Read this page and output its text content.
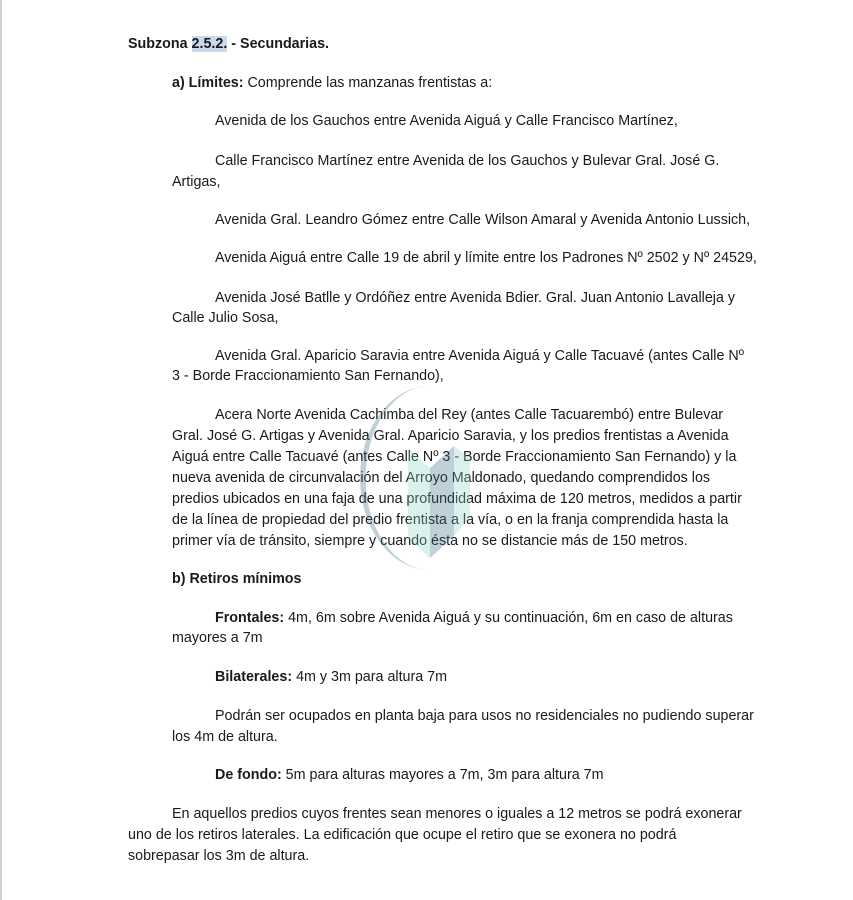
Subzona 2.5.2. - Secundarias.

a) Límites: Comprende las manzanas frentistas a:

Avenida de los Gauchos entre Avenida Aiguá y Calle Francisco Martínez,

Calle Francisco Martínez entre Avenida de los Gauchos y Bulevar Gral. José G.

Artigas,

Avenida Gral. Leandro Gómez entre Calle Wilson Amaral y Avenida Antonio Lussich,

Avenida Aiguá entre Calle 19 de abril y límite entre los Padrones Nº 2502 y Nº 24529,

Avenida José Batlle y Ordóñez entre Avenida Bdier. Gral. Juan Antonio Lavalleja y

Calle Julio Sosa,

Avenida Gral. Aparicio Saravia entre Avenida Aiguá y Calle Tacuavé (antes Calle Nº

3 - Borde Fraccionamiento San Fernando),

Acera Norte Avenida Cachimba del Rey (antes Calle Tacuarembó) entre Bulevar

Gral. José G. Artigas y Avenida Gral. Aparicio Saravia, y los predios frentistas a Avenida

Aiguá entre Calle Tacuavé (antes Calle Nº 3 - Borde Fraccionamiento San Fernando) y la

nueva avenida de circunvalación del Arroyo Maldonado, quedando comprendidos los

predios ubicados en una faja de una profundidad máxima de 120 metros, medidos a partir

de la línea de propiedad del predio frentista a la vía, o en la franja comprendida hasta la

primer vía de tránsito, siempre y cuando ésta no se distancie más de 150 metros.

b) Retiros mínimos

Frontales: 4m, 6m sobre Avenida Aiguá y su continuación, 6m en caso de alturas

mayores a 7m

Bilaterales: 4m y 3m para altura 7m

Podrán ser ocupados en planta baja para usos no residenciales no pudiendo superar

los 4m de altura.

De fondo: 5m para alturas mayores a 7m, 3m para altura 7m

En aquellos predios cuyos frentes sean menores o iguales a 12 metros se podrá exonerar

uno de los retiros laterales. La edificación que ocupe el retiro que se exonera no podrá

sobrepasar los 3m de altura.
